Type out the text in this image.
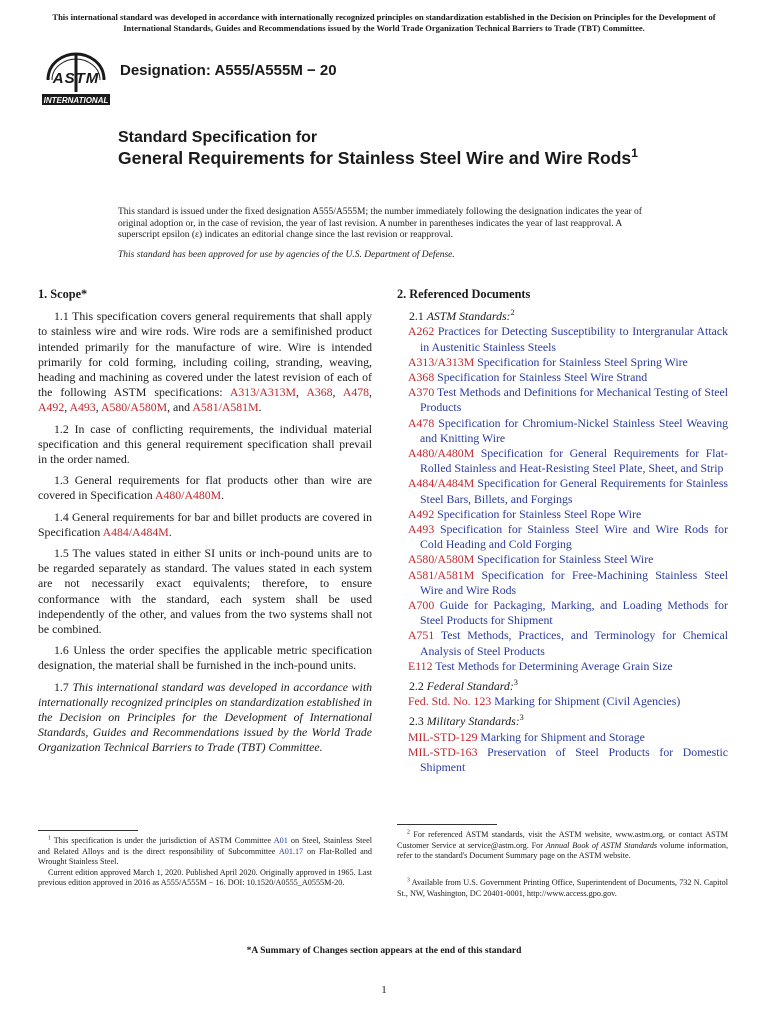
This international standard was developed in accordance with internationally recognized principles on standardization established in the Decision on Principles for the Development of International Standards, Guides and Recommendations issued by the World Trade Organization Technical Barriers to Trade (TBT) Committee.
ASTM
INTERNATIONAL
Designation: A555/A555M − 20
Standard Specification for
General Requirements for Stainless Steel Wire and Wire Rods$^1$

This standard is issued under the fixed designation A555/A555M; the number immediately following the designation indicates the year of original adoption or, in the case of revision, the year of last revision. A number in parentheses indicates the year of last reapproval. A superscript epsilon (ε) indicates an editorial change since the last revision or reapproval.

This standard has been approved for use by agencies of the U.S. Department of Defense.

1. Scope*

1.1 This specification covers general requirements that shall apply to stainless wire and wire rods. Wire rods are a semifinished product intended primarily for the manufacture of wire. Wire is intended primarily for cold forming, including coiling, stranding, weaving, heading and machining as covered under the latest revision of each of the following ASTM specifications: A313/A313M, A368, A478, A492, A493, A580/A580M, and A581/A581M.

1.2 In case of conflicting requirements, the individual material specification and this general requirement specification shall prevail in the order named.

1.3 General requirements for flat products other than wire are covered in Specification A480/A480M.

1.4 General requirements for bar and billet products are covered in Specification A484/A484M.

1.5 The values stated in either SI units or inch-pound units are to be regarded separately as standard. The values stated in each system are not necessarily exact equivalents; therefore, to ensure conformance with the standard, each system shall be used independently of the other, and values from the two systems shall not be combined.

1.6 Unless the order specifies the applicable metric specification designation, the material shall be furnished in the inch-pound units.

1.7 This international standard was developed in accordance with internationally recognized principles on standardization established in the Decision on Principles for the Development of International Standards, Guides and Recommendations issued by the World Trade Organization Technical Barriers to Trade (TBT) Committee.

2. Referenced Documents

2.1 ASTM Standards:$^2$

A262 Practices for Detecting Susceptibility to Intergranular Attack in Austenitic Stainless Steels

A313/A313M Specification for Stainless Steel Spring Wire

A368 Specification for Stainless Steel Wire Strand

A370 Test Methods and Definitions for Mechanical Testing of Steel Products

A478 Specification for Chromium-Nickel Stainless Steel Weaving and Knitting Wire

A480/A480M Specification for General Requirements for Flat-Rolled Stainless and Heat-Resisting Steel Plate, Sheet, and Strip

A484/A484M Specification for General Requirements for Stainless Steel Bars, Billets, and Forgings

A492 Specification for Stainless Steel Rope Wire

A493 Specification for Stainless Steel Wire and Wire Rods for Cold Heading and Cold Forging

A580/A580M Specification for Stainless Steel Wire

A581/A581M Specification for Free-Machining Stainless Steel Wire and Wire Rods

A700 Guide for Packaging, Marking, and Loading Methods for Steel Products for Shipment

A751 Test Methods, Practices, and Terminology for Chemical Analysis of Steel Products

E112 Test Methods for Determining Average Grain Size

2.2 Federal Standard:$^3$

Fed. Std. No. 123 Marking for Shipment (Civil Agencies)

2.3 Military Standards:$^3$

MIL-STD-129 Marking for Shipment and Storage

MIL-STD-163 Preservation of Steel Products for Domestic Shipment

$^1$ This specification is under the jurisdiction of ASTM Committee A01 on Steel, Stainless Steel and Related Alloys and is the direct responsibility of Subcommittee A01.17 on Flat-Rolled and Wrought Stainless Steel.

Current edition approved March 1, 2020. Published April 2020. Originally approved in 1965. Last previous edition approved in 2016 as A555/A555M − 16. DOI: 10.1520/A0555_A0555M-20.

$^2$ For referenced ASTM standards, visit the ASTM website, www.astm.org, or contact ASTM Customer Service at service@astm.org. For Annual Book of ASTM Standards volume information, refer to the standard's Document Summary page on the ASTM website.

$^3$ Available from U.S. Government Printing Office, Superintendent of Documents, 732 N. Capitol St., NW, Washington, DC 20401-0001, http://www.access.gpo.gov.

*A Summary of Changes section appears at the end of this standard
1
